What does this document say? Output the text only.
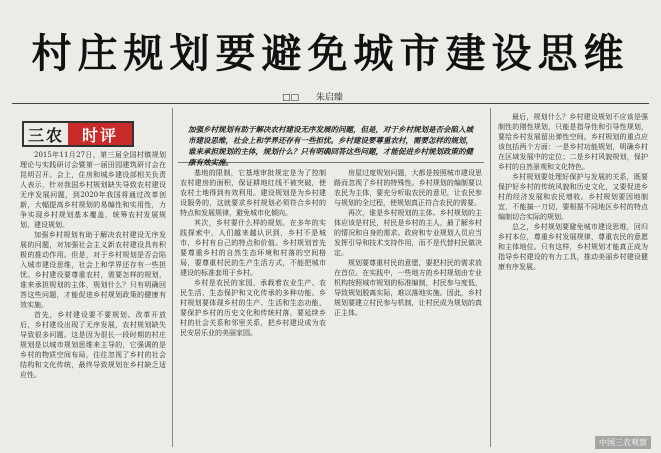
村庄规划要避免城市建设思维
□□ 朱启臻
三农	时评	加强乡村规划有助于解决农村建设无序发展的问题，但是，对于乡村规划是否会陷入城市建设思维，社会上和学界还存有一些担忧。乡村建设要尊重农村，需要怎样的规划，谁来承担规划的主体，规划什么？只有明确回答这些问题，才能促进乡村规划政策的健康有效实施。

2015年11月27日，第三届全国村镇规划理论与实践研讨会暨第一届田园建筑研讨会在昆明召开。会上，住房和城乡建设部相关负责人表示，针对我国乡村规划缺失导致农村建设无序发展问题，到2020年我国将通过改革创新，大幅提高乡村规划的易编性和实用性，力争实现乡村规划基本覆盖，统筹农村发展规划、建设规划。

加强乡村规划有助于解决农村建设无序发展的问题，对加强社会主义新农村建设具有积极的推动作用。但是，对于乡村规划是否会陷入城市建设思维，社会上和学界还存有一些担忧。乡村建设要尊重农村，需要怎样的规划，谁来承担规划的主体，规划什么？只有明确回答这些问题，才能促进乡村规划政策的健康有效实施。

首先，乡村建设要不要规划。改革开放后，乡村建设出现了无序发展，农村规划缺失导致很多问题。这是因为很长一段时期的村庄规划是以城市规划思维来主导的，它强调的是乡村的物质空间布局，往往忽视了乡村的社会结构和文化传统，最终导致规划在乡村缺乏适应性。

基地的限制，它基地审批规定是为了控制农村建房的面积，保证耕地红线不被突破，使农村土地得到有效利用。建设规划是为乡村建设服务的，这就要求乡村规划必须符合乡村的特点和发展规律，避免城市化倾向。

其次，乡村要什么样的规划。在多年的实践探索中，人们越来越认识到，乡村不是城市，乡村有自己的特点和价值。乡村规划首先要尊重乡村的自然生态环境和村落的空间格局，要尊重村民的生产生活方式，不能把城市建设的标准套用于乡村。

乡村是农民的家园，承载着农业生产、农民生活、生态保护和文化传承的多种功能。乡村规划要体现乡村的生产、生活和生态功能，要保护乡村的历史文化和传统村落，要延续乡村的社会关系和邻里关系，把乡村建设成为农民安居乐业的美丽家园。

房屋过度规划问题，大都是按照城市建设思路而忽视了乡村的特殊性。乡村规划的编制要以农民为主体，要充分听取农民的意见，让农民参与规划的全过程，使规划真正符合农民的需要。

再次，谁是乡村规划的主体。乡村规划的主体应该是村民，村民是乡村的主人，最了解乡村的情况和自身的需求。政府和专业规划人员应当发挥引导和技术支持作用，而不是代替村民做决定。

规划要尊重村民的意愿，要把村民的需求放在首位。在实践中，一些地方的乡村规划由专业机构按照城市规划的标准编制，村民参与度低，导致规划脱离实际，难以落地实施。因此，乡村规划要建立村民参与机制，让村民成为规划的真正主体。

最后，规划什么？乡村建设规划不应该是强制性的刚性规划，只能是指导性和引导性规划，要给乡村发展留出弹性空间。乡村规划的重点应该包括两个方面：一是乡村功能规划，明确乡村在区域发展中的定位；二是乡村风貌规划，保护乡村的自然景观和文化特色。

乡村规划要处理好保护与发展的关系，既要保护好乡村的传统风貌和历史文化，又要促进乡村的经济发展和农民增收。乡村规划要因地制宜，不能搞一刀切，要根据不同地区乡村的特点编制切合实际的规划。

总之，乡村规划要避免城市建设思维，回归乡村本位，尊重乡村发展规律，尊重农民的意愿和主体地位。只有这样，乡村规划才能真正成为指导乡村建设的有力工具，推动美丽乡村建设健康有序发展。

中国三农观察
